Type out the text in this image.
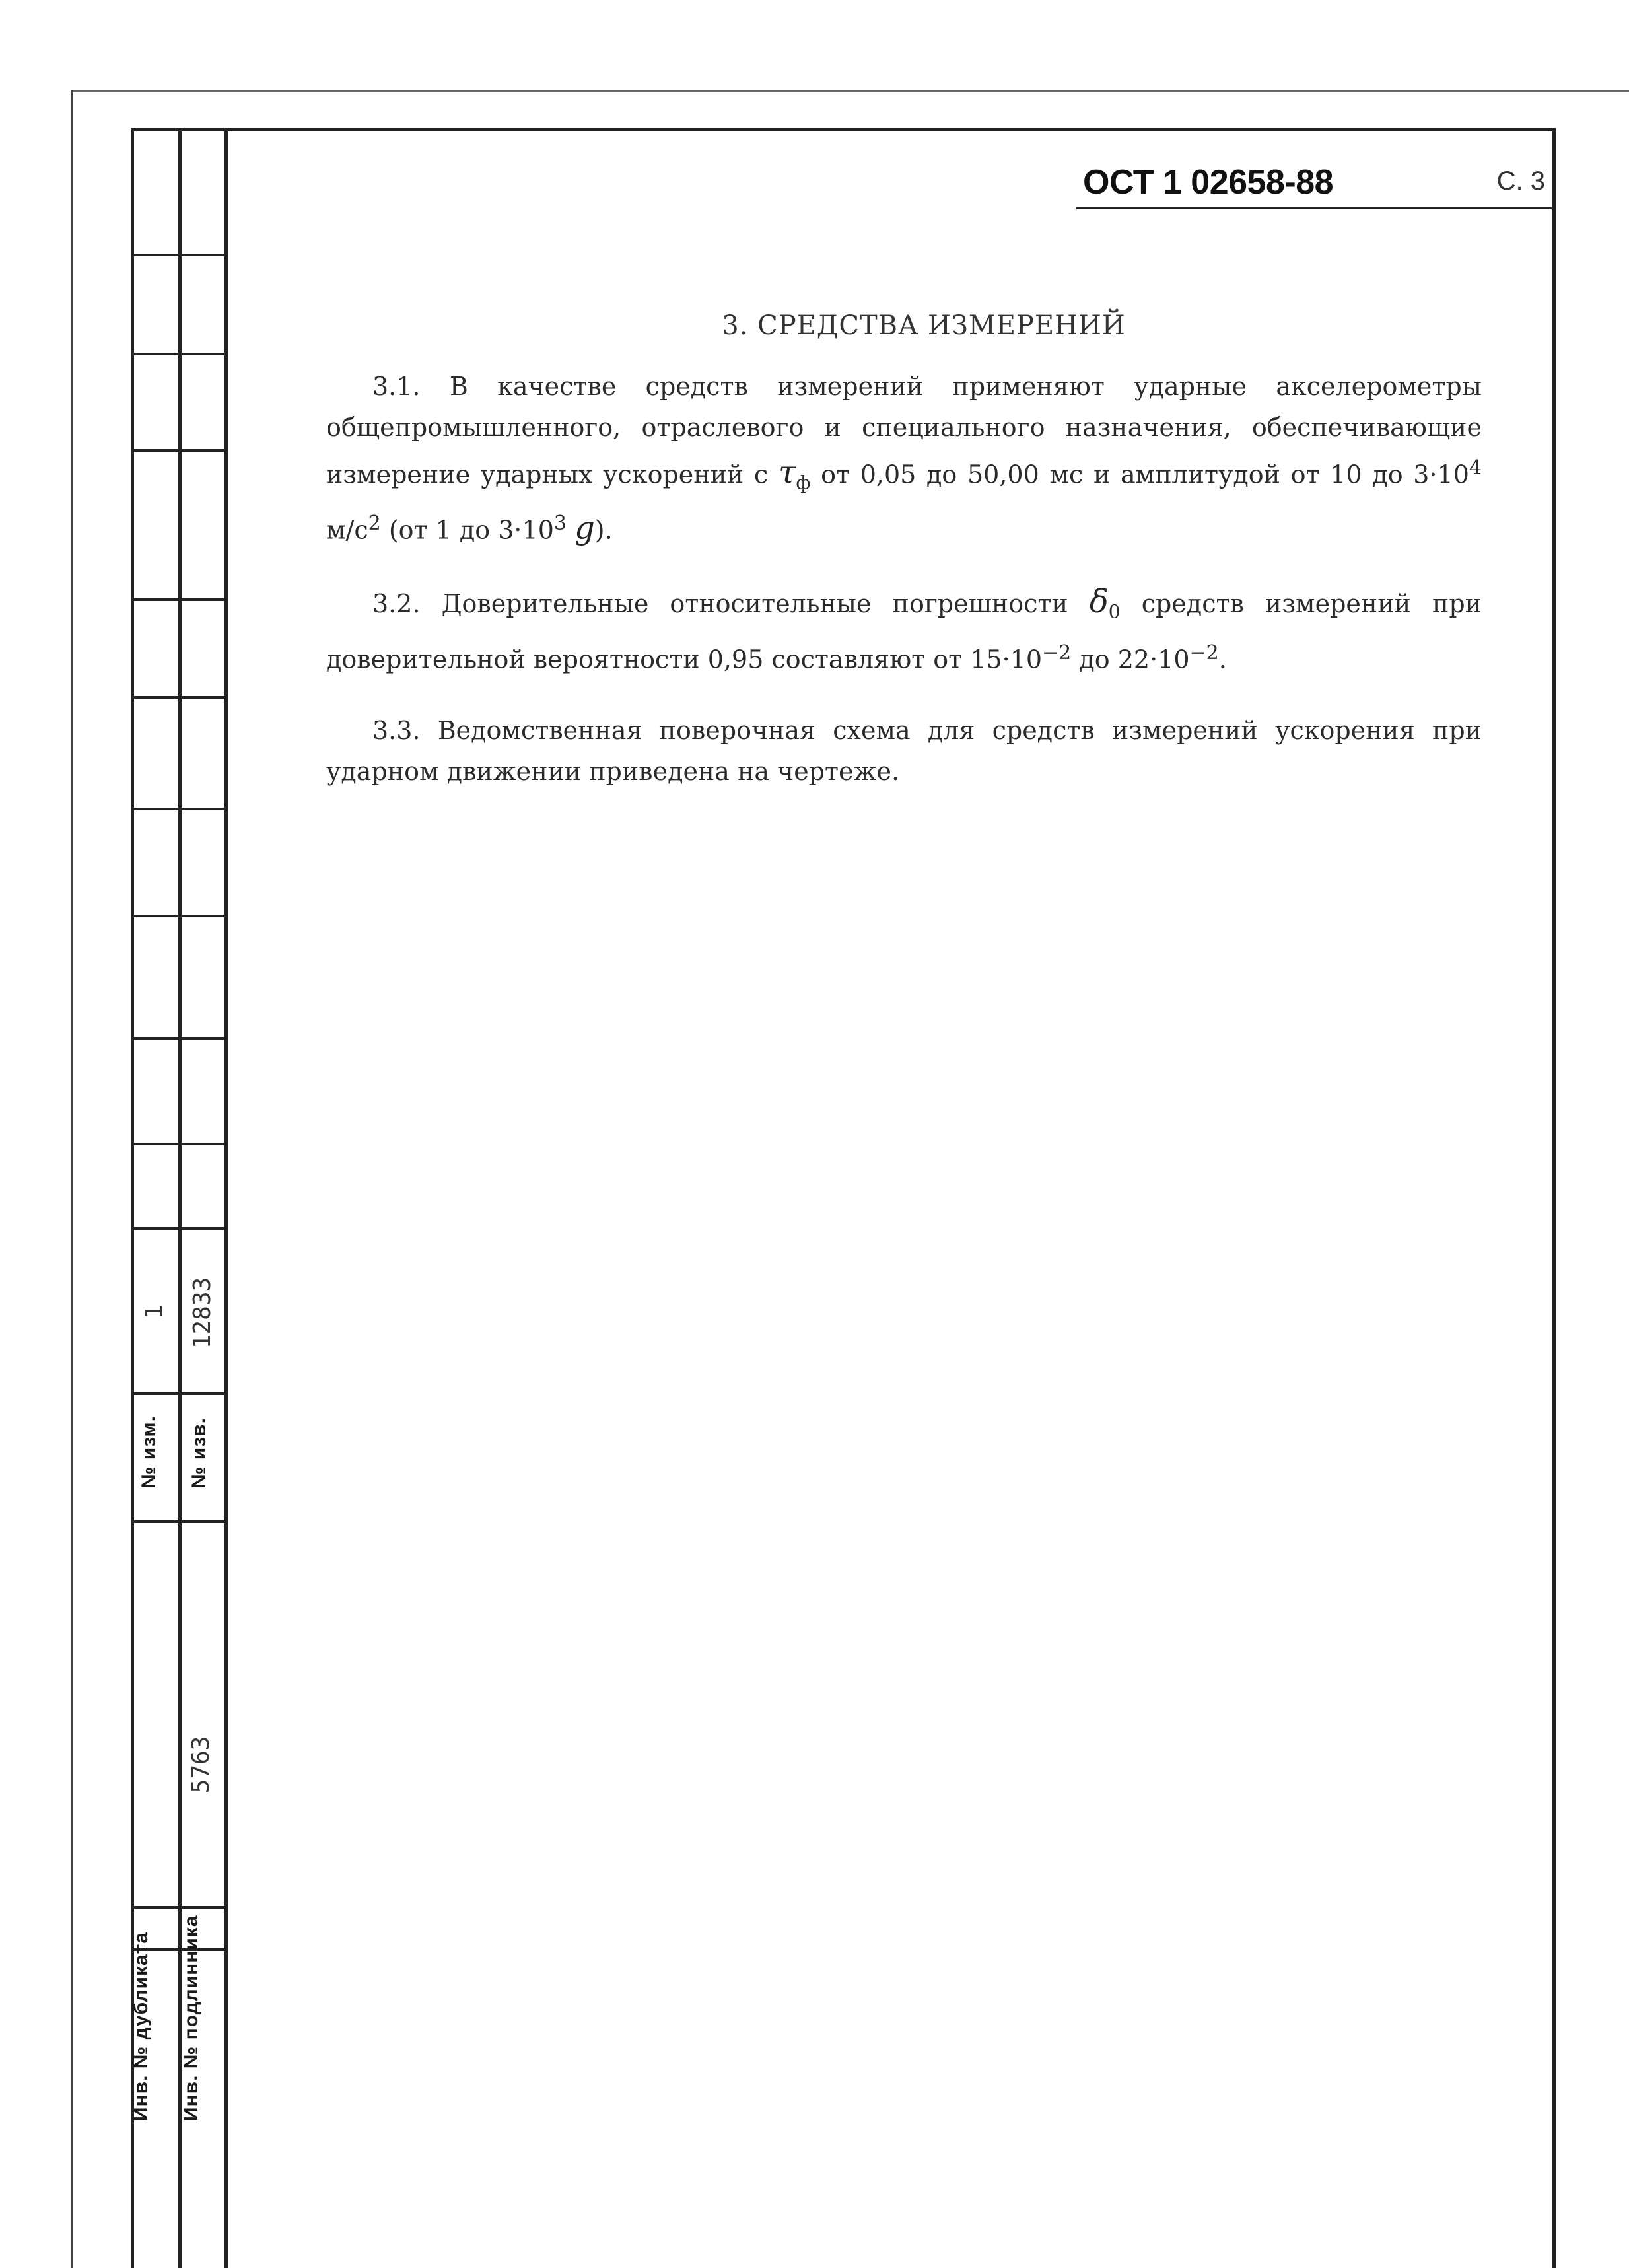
№ изм.
1
№ изв.
12833
Инв. № дубликата Инв. № подлинника
5763
ОСТ 1 02658-88	С. 3
3. СРЕДСТВА ИЗМЕРЕНИЙ

3.1. В качестве средств измерений применяют ударные акселерометры общепромышленного, отраслевого и специального назначения, обеспечивающие измерение ударных ускорений с $\tau_ф$ от 0,05 до 50,00 мс и амплитудой от 10 до $3\cdot 10^4$ $м/с^2$ (от 1 до $3\cdot 10^3$ g).

3.2. Доверительные относительные погрешности $\delta_0$ средств измерений при доверительной вероятности 0,95 составляют от $15\cdot 10^{-2}$ до $22\cdot 10^{-2}$.

3.3. Ведомственная поверочная схема для средств измерений ускорения при ударном движении приведена на чертеже.
